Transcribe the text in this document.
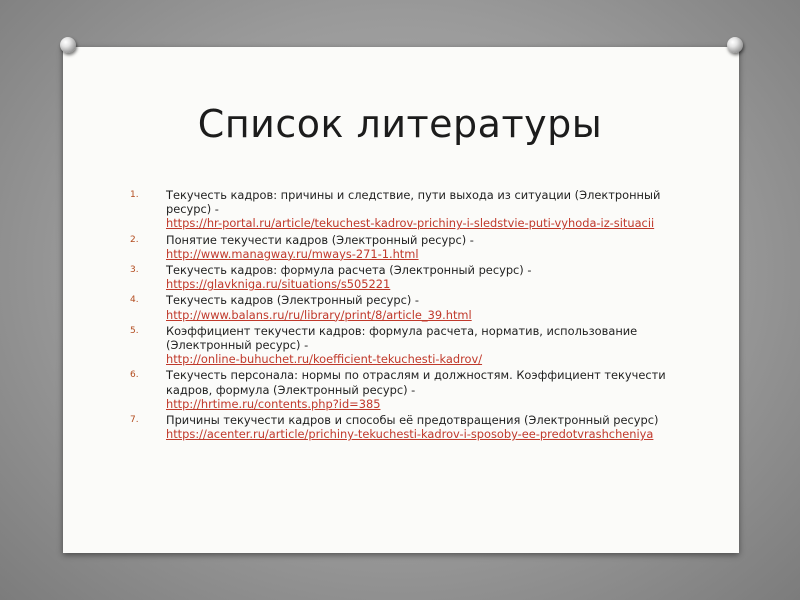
Список литературы
1.	Текучесть кадров: причины и следствие, пути выхода из ситуации (Электронный ресурс) -
https://hr-portal.ru/article/tekuchest-kadrov-prichiny-i-sledstvie-puti-vyhoda-iz-situacii
2.	Понятие текучести кадров (Электронный ресурс) -
http://www.managway.ru/mways-271-1.html
3.	Текучесть кадров: формула расчета (Электронный ресурс) -
https://glavkniga.ru/situations/s505221
4.	Текучесть кадров (Электронный ресурс) -
http://www.balans.ru/ru/library/print/8/article_39.html
5.	Коэффициент текучести кадров: формула расчета, норматив, использование (Электронный ресурс) -
http://online-buhuchet.ru/koefficient-tekuchesti-kadrov/
6.	Текучесть персонала: нормы по отраслям и должностям. Коэффициент текучести кадров, формула (Электронный ресурс) -
http://hrtime.ru/contents.php?id=385
7.	Причины текучести кадров и способы её предотвращения (Электронный ресурс)
https://acenter.ru/article/prichiny-tekuchesti-kadrov-i-sposoby-ee-predotvrashcheniya
